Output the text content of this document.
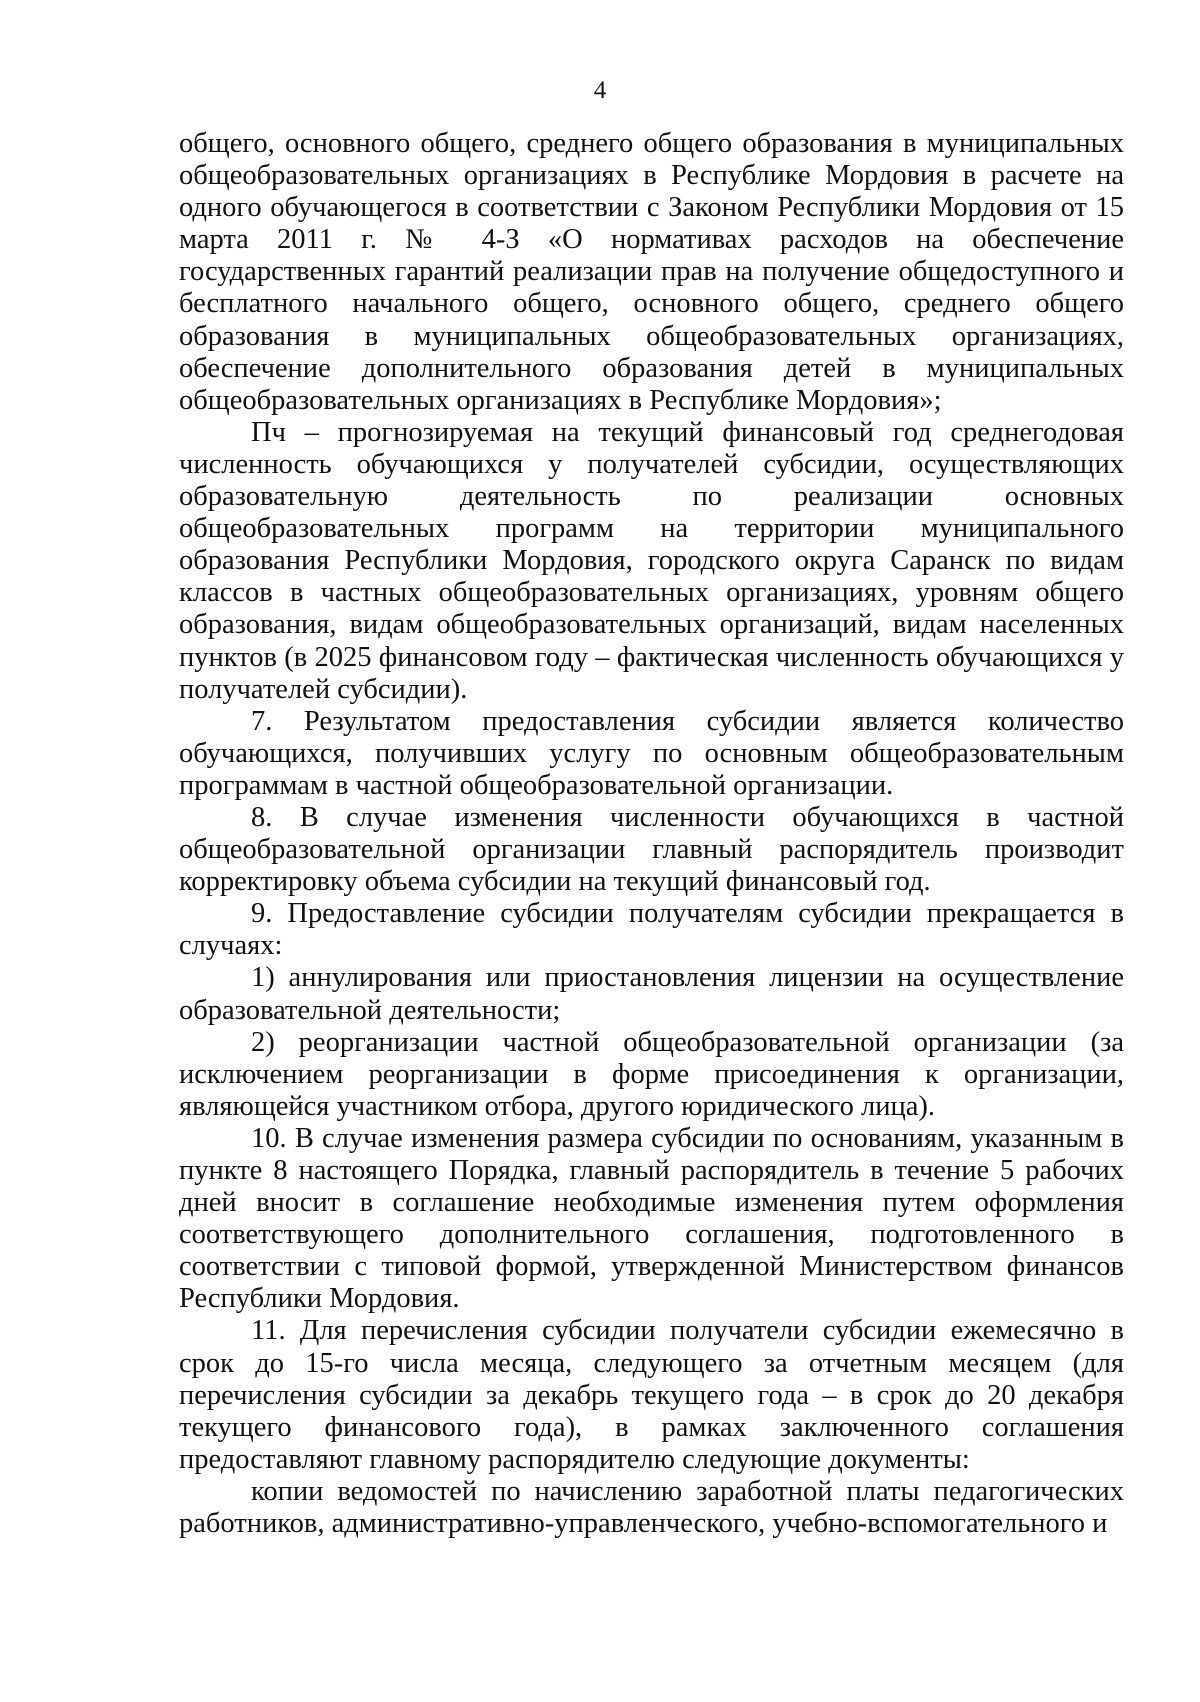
4

общего, основного общего, среднего общего образования в муниципальных общеобразовательных организациях в Республике Мордовия в расчете на одного обучающегося в соответствии с Законом Республики Мордовия от 15 марта 2011 г. № 4-З «О нормативах расходов на обеспечение государственных гарантий реализации прав на получение общедоступного и бесплатного начального общего, основного общего, среднего общего образования в муниципальных общеобразовательных организациях, обеспечение дополнительного образования детей в муниципальных общеобразовательных организациях в Республике Мордовия»;

Пч – прогнозируемая на текущий финансовый год среднегодовая численность обучающихся у получателей субсидии, осуществляющих образовательную деятельность по реализации основных общеобразовательных программ на территории муниципального образования Республики Мордовия, городского округа Саранск по видам классов в частных общеобразовательных организациях, уровням общего образования, видам общеобразовательных организаций, видам населенных пунктов (в 2025 финансовом году – фактическая численность обучающихся у получателей субсидии).

7. Результатом предоставления субсидии является количество обучающихся, получивших услугу по основным общеобразовательным программам в частной общеобразовательной организации.

8. В случае изменения численности обучающихся в частной общеобразовательной организации главный распорядитель производит корректировку объема субсидии на текущий финансовый год.

9. Предоставление субсидии получателям субсидии прекращается в случаях:

1) аннулирования или приостановления лицензии на осуществление образовательной деятельности;

2) реорганизации частной общеобразовательной организации (за исключением реорганизации в форме присоединения к организации, являющейся участником отбора, другого юридического лица).

10. В случае изменения размера субсидии по основаниям, указанным в пункте 8 настоящего Порядка, главный распорядитель в течение 5 рабочих дней вносит в соглашение необходимые изменения путем оформления соответствующего дополнительного соглашения, подготовленного в соответствии с типовой формой, утвержденной Министерством финансов Республики Мордовия.

11. Для перечисления субсидии получатели субсидии ежемесячно в срок до 15-го числа месяца, следующего за отчетным месяцем (для перечисления субсидии за декабрь текущего года – в срок до 20 декабря текущего финансового года), в рамках заключенного соглашения предоставляют главному распорядителю следующие документы:

копии ведомостей по начислению заработной платы педагогических работников, административно-управленческого, учебно-вспомогательного и
